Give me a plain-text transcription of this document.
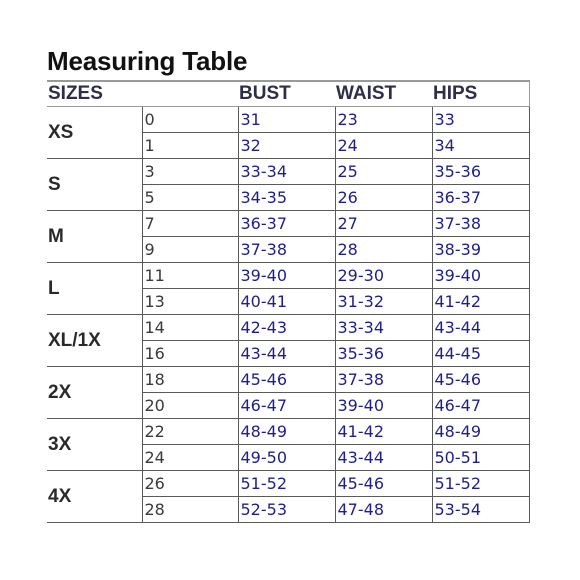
Measuring Table
SIZES		BUST	WAIST	HIPS
XS	0	31	23	33
	1	32	24	34
S	3	33-34	25	35-36
	5	34-35	26	36-37
M	7	36-37	27	37-38
	9	37-38	28	38-39
L	11	39-40	29-30	39-40
	13	40-41	31-32	41-42
XL/1X	14	42-43	33-34	43-44
	16	43-44	35-36	44-45
2X	18	45-46	37-38	45-46
	20	46-47	39-40	46-47
3X	22	48-49	41-42	48-49
	24	49-50	43-44	50-51
4X	26	51-52	45-46	51-52
	28	52-53	47-48	53-54
